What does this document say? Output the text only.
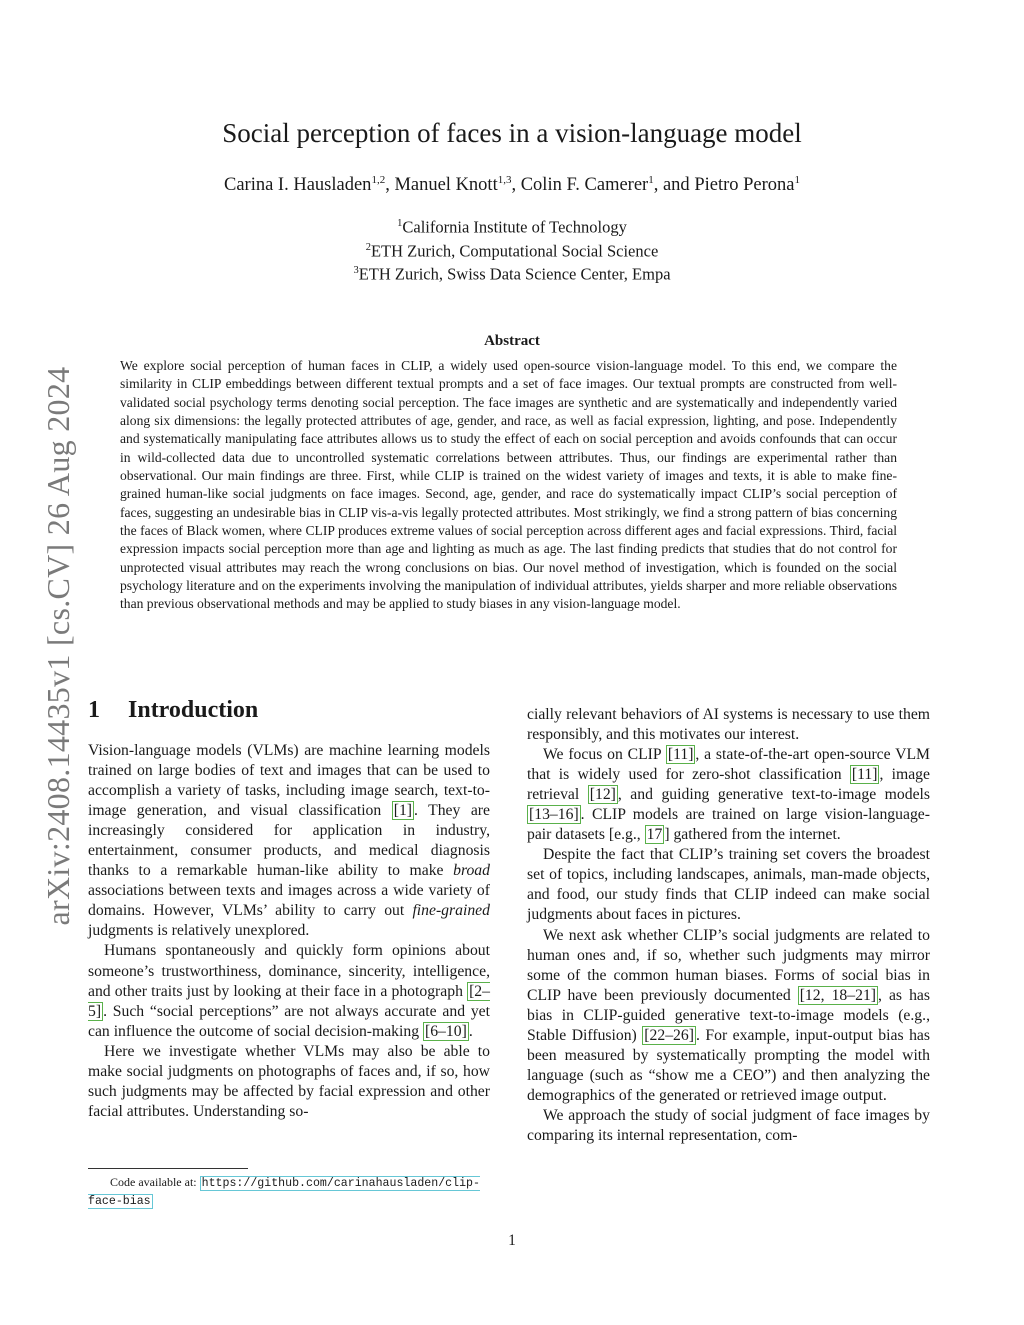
arXiv:2408.14435v1 [cs.CV] 26 Aug 2024
Social perception of faces in a vision-language model
Carina I. Hausladen$^{1,2}$, Manuel Knott$^{1,3}$, Colin F. Camerer$^1$, and Pietro Perona$^1$
$^1$California Institute of Technology
$^2$ETH Zurich, Computational Social Science
$^3$ETH Zurich, Swiss Data Science Center, Empa
Abstract

We explore social perception of human faces in CLIP, a widely used open-source vision-language model. To this end, we compare the similarity in CLIP embeddings between different textual prompts and a set of face images. Our textual prompts are constructed from well-validated social psychology terms denoting social perception. The face images are synthetic and are systematically and independently varied along six dimensions: the legally protected attributes of age, gender, and race, as well as facial expression, lighting, and pose. Independently and systematically manipulating face attributes allows us to study the effect of each on social perception and avoids confounds that can occur in wild-collected data due to uncontrolled systematic correlations between attributes. Thus, our findings are experimental rather than observational. Our main findings are three. First, while CLIP is trained on the widest variety of images and texts, it is able to make fine-grained human-like social judgments on face images. Second, age, gender, and race do systematically impact CLIP’s social perception of faces, suggesting an undesirable bias in CLIP vis-a-vis legally protected attributes. Most strikingly, we find a strong pattern of bias concerning the faces of Black women, where CLIP produces extreme values of social perception across different ages and facial expressions. Third, facial expression impacts social perception more than age and lighting as much as age. The last finding predicts that studies that do not control for unprotected visual attributes may reach the wrong conclusions on bias. Our novel method of investigation, which is founded on the social psychology literature and on the experiments involving the manipulation of individual attributes, yields sharper and more reliable observations than previous observational methods and may be applied to study biases in any vision-language model.

1 Introduction

Vision-language models (VLMs) are machine learning models trained on large bodies of text and images that can be used to accomplish a variety of tasks, including image search, text-to-image generation, and visual classification [1] . They are increasingly considered for application in industry, entertainment, consumer products, and medical diagnosis thanks to a remarkable human-like ability to make broad associations between texts and images across a wide variety of domains. However, VLMs’ ability to carry out fine-grained judgments is relatively unexplored.

Humans spontaneously and quickly form opinions about someone’s trustworthiness, dominance, sincerity, intelligence, and other traits just by looking at their face in a photograph [2–5] . Such “social perceptions” are not always accurate and yet can influence the outcome of social decision-making [6–10] .

Here we investigate whether VLMs may also be able to make social judgments on photographs of faces and, if so, how such judgments may be affected by facial expression and other facial attributes. Understanding so-

cially relevant behaviors of AI systems is necessary to use them responsibly, and this motivates our interest.

We focus on CLIP [11] , a state-of-the-art open-source VLM that is widely used for zero-shot classification [11] , image retrieval [12] , and guiding generative text-to-image models [13–16] . CLIP models are trained on large vision-language-pair datasets [e.g., 17 ] gathered from the internet.

Despite the fact that CLIP’s training set covers the broadest set of topics, including landscapes, animals, man-made objects, and food, our study finds that CLIP indeed can make social judgments about faces in pictures.

We next ask whether CLIP’s social judgments are related to human ones and, if so, whether such judgments may mirror some of the common human biases. Forms of social bias in CLIP have been previously documented [12, 18–21] , as has bias in CLIP-guided generative text-to-image models (e.g., Stable Diffusion) [22–26] . For example, input-output bias has been measured by systematically prompting the model with language (such as “show me a CEO”) and then analyzing the demographics of the generated or retrieved image output.

We approach the study of social judgment of face images by comparing its internal representation, com-

Code available at: https://github.com/carinahausladen/clip-face-bias
1
